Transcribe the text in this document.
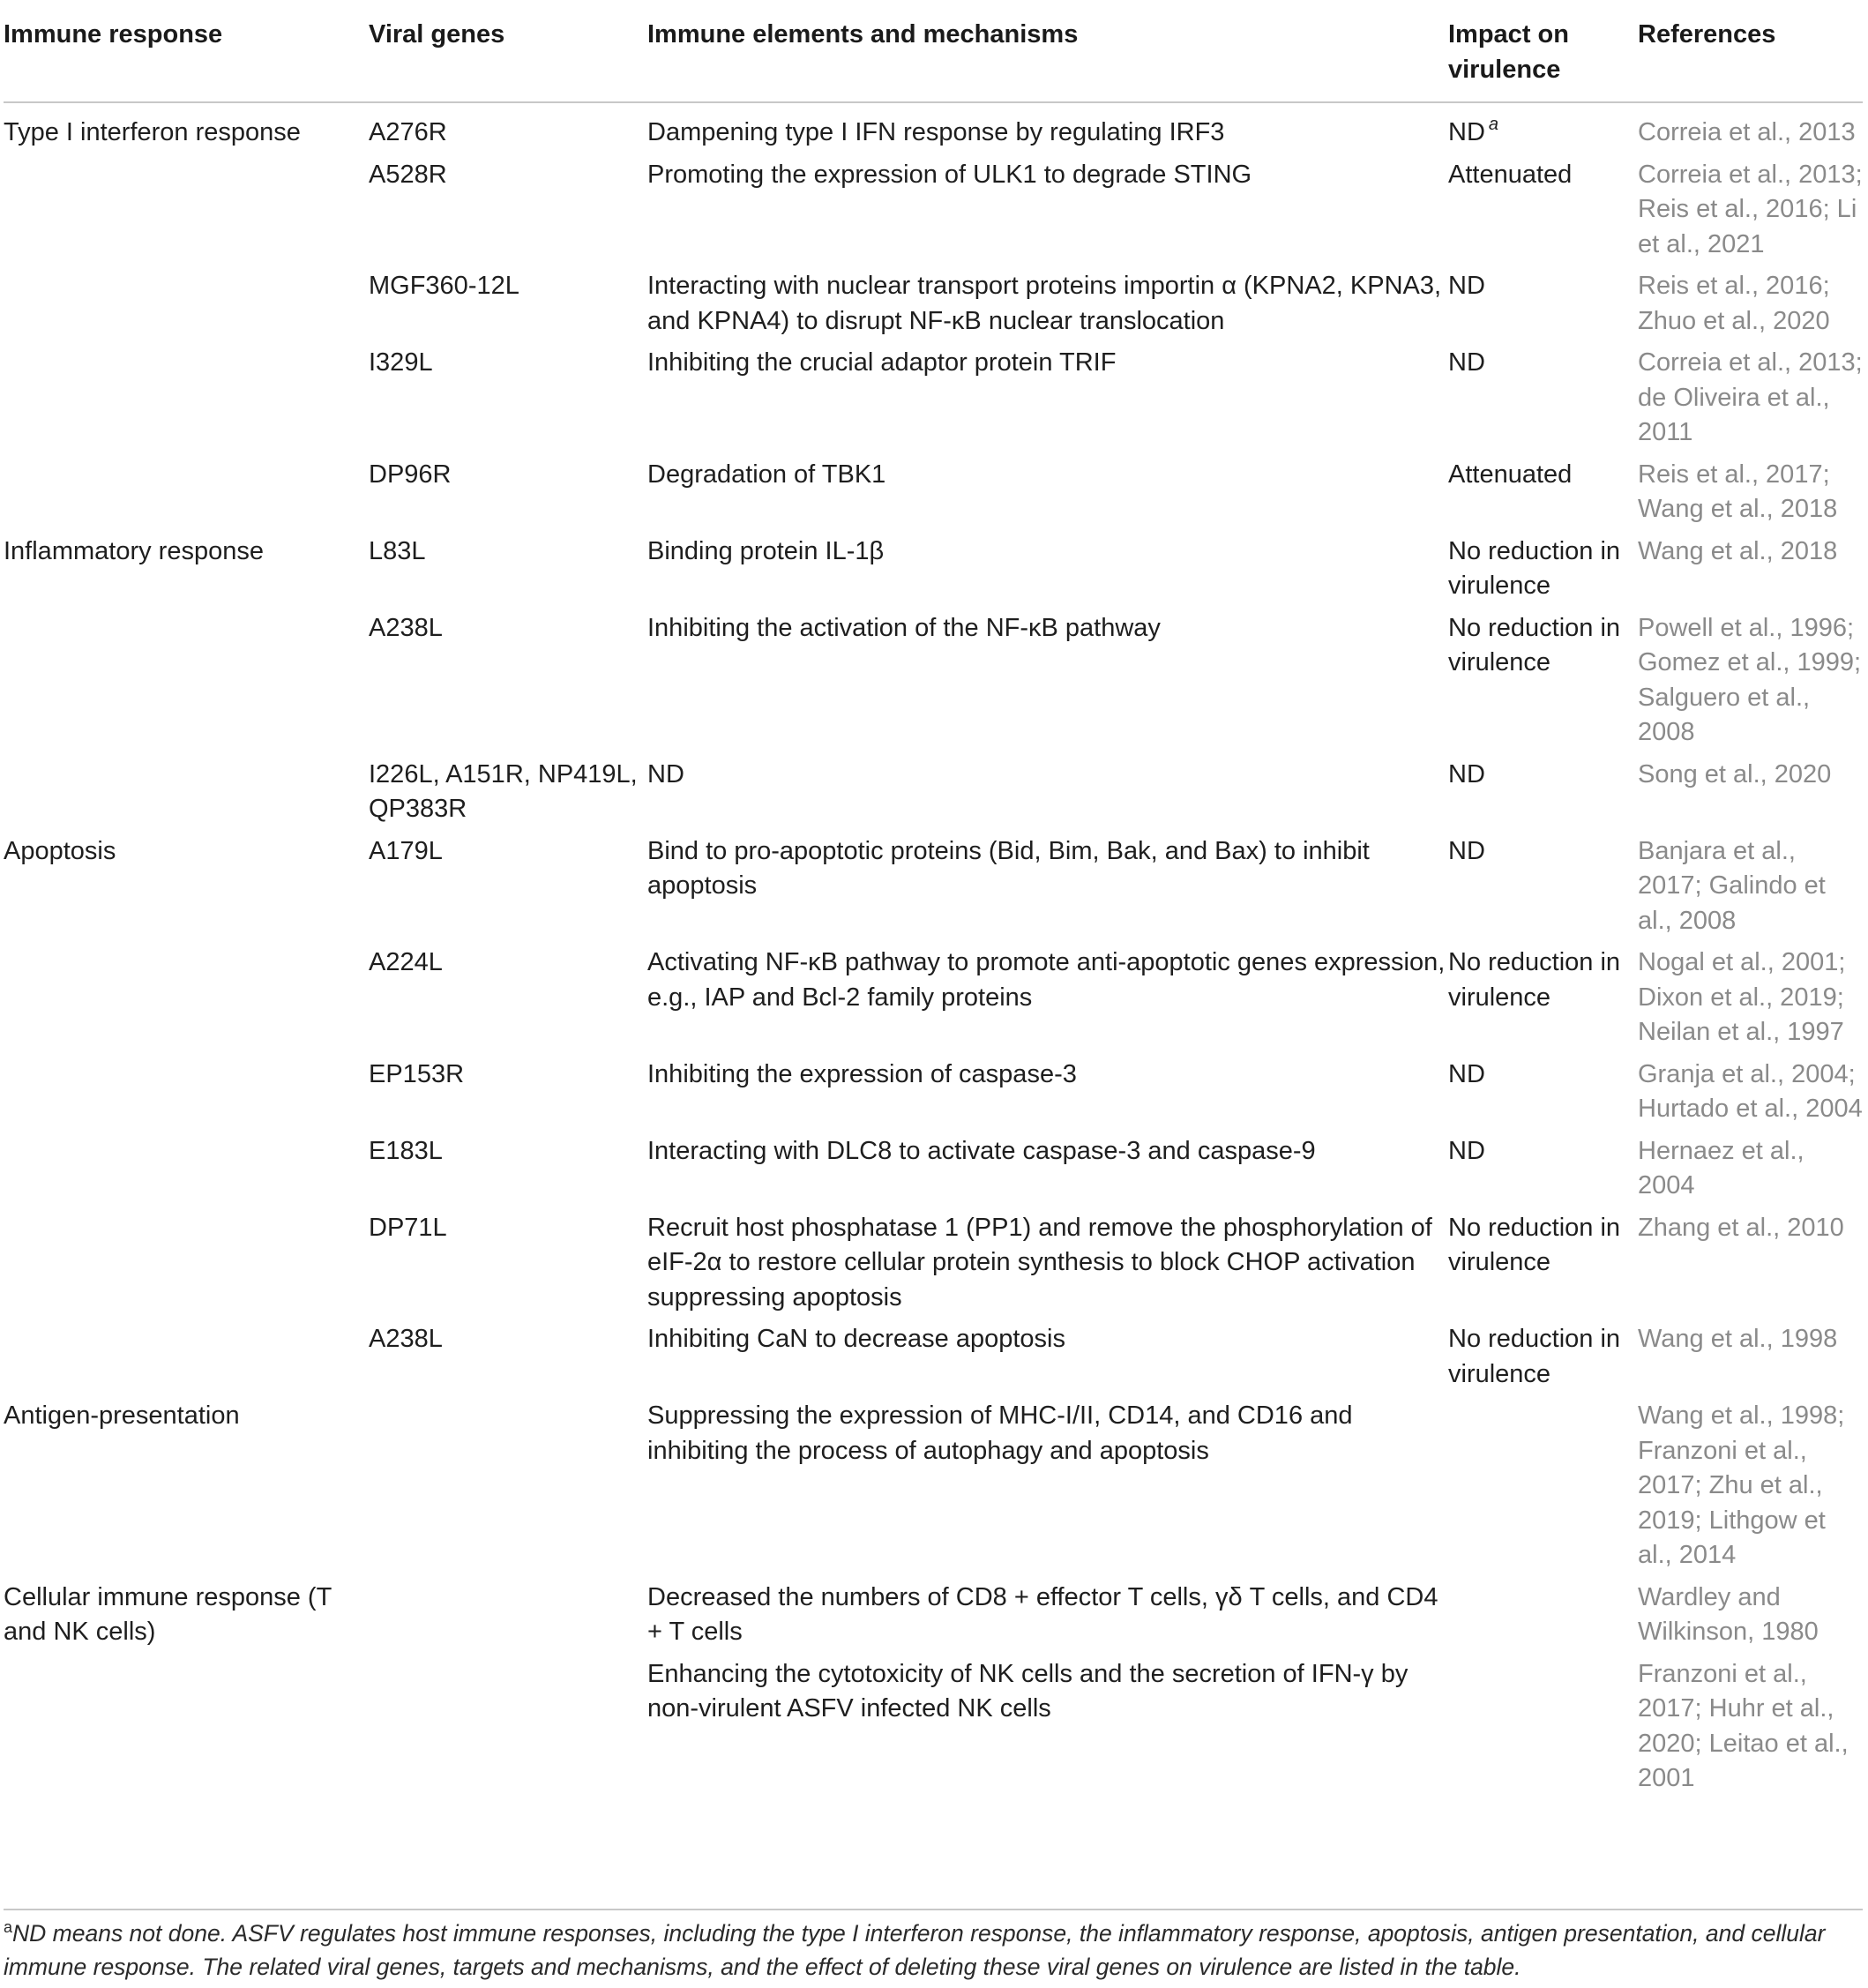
Immune response	Viral genes	Immune elements and mechanisms	Impact on virulence	References
Type I interferon response	A276R	Dampening type I IFN response by regulating IRF3	ND $^a$	Correia et al., 2013
	A528R	Promoting the expression of ULK1 to degrade STING	Attenuated	Correia et al., 2013; Reis et al., 2016; Li et al., 2021
	MGF360-12L	Interacting with nuclear transport proteins importin α (KPNA2, KPNA3, and KPNA4) to disrupt NF-κB nuclear translocation	ND	Reis et al., 2016; Zhuo et al., 2020
	I329L	Inhibiting the crucial adaptor protein TRIF	ND	Correia et al., 2013; de Oliveira et al., 2011
	DP96R	Degradation of TBK1	Attenuated	Reis et al., 2017; Wang et al., 2018
Inflammatory response	L83L	Binding protein IL-1β	No reduction in virulence	Wang et al., 2018
	A238L	Inhibiting the activation of the NF-κB pathway	No reduction in virulence	Powell et al., 1996; Gomez et al., 1999; Salguero et al., 2008
	I226L, A151R, NP419L, QP383R	ND	ND	Song et al., 2020
Apoptosis	A179L	Bind to pro-apoptotic proteins (Bid, Bim, Bak, and Bax) to inhibit apoptosis	ND	Banjara et al., 2017; Galindo et al., 2008
	A224L	Activating NF-κB pathway to promote anti-apoptotic genes expression, e.g., IAP and Bcl-2 family proteins	No reduction in virulence	Nogal et al., 2001; Dixon et al., 2019; Neilan et al., 1997
	EP153R	Inhibiting the expression of caspase-3	ND	Granja et al., 2004; Hurtado et al., 2004
	E183L	Interacting with DLC8 to activate caspase-3 and caspase-9	ND	Hernaez et al., 2004
	DP71L	Recruit host phosphatase 1 (PP1) and remove the phosphorylation of eIF-2α to restore cellular protein synthesis to block CHOP activation suppressing apoptosis	No reduction in virulence	Zhang et al., 2010
	A238L	Inhibiting CaN to decrease apoptosis	No reduction in virulence	Wang et al., 1998
Antigen-presentation		Suppressing the expression of MHC-I/II, CD14, and CD16 and inhibiting the process of autophagy and apoptosis		Wang et al., 1998; Franzoni et al., 2017; Zhu et al., 2019; Lithgow et al., 2014
Cellular immune response (T and NK cells)		Decreased the numbers of CD8 + effector T cells, γδ T cells, and CD4 + T cells		Wardley and Wilkinson, 1980
		Enhancing the cytotoxicity of NK cells and the secretion of IFN-γ by non-virulent ASFV infected NK cells		Franzoni et al., 2017; Huhr et al., 2020; Leitao et al., 2001
$^a$ND means not done. ASFV regulates host immune responses, including the type I interferon response, the inflammatory response, apoptosis, antigen presentation, and cellular immune response. The related viral genes, targets and mechanisms, and the effect of deleting these viral genes on virulence are listed in the table.
